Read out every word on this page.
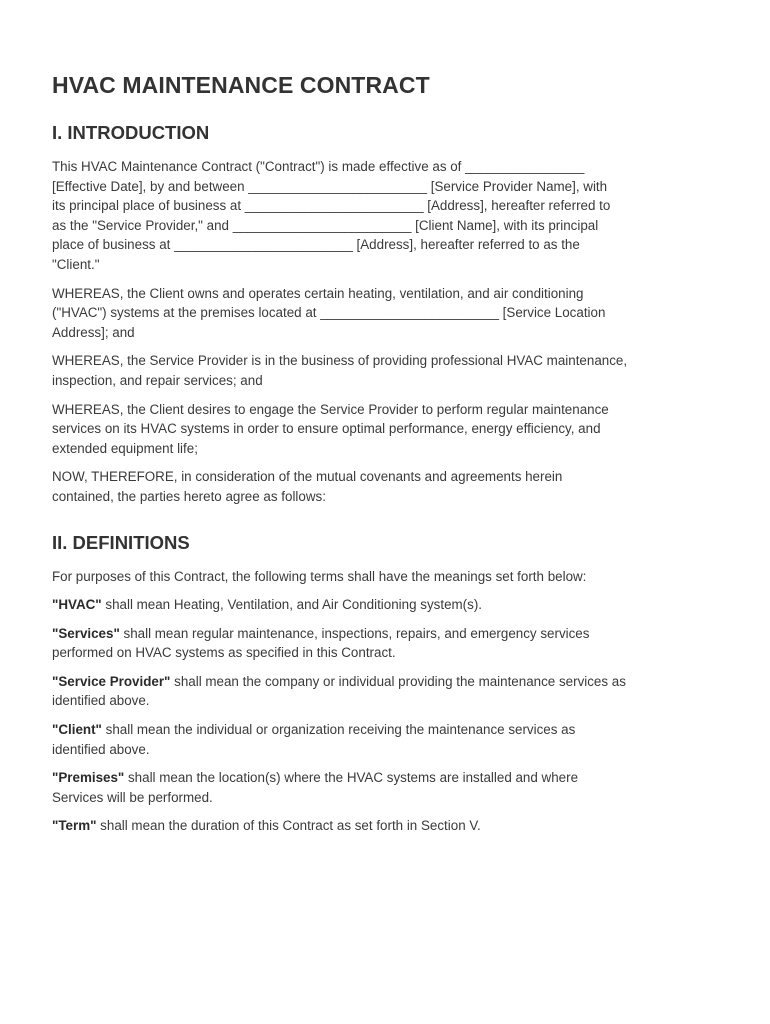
HVAC MAINTENANCE CONTRACT
I. INTRODUCTION

This HVAC Maintenance Contract ("Contract") is made effective as of ________________
[Effective Date], by and between ________________________ [Service Provider Name], with
its principal place of business at ________________________ [Address], hereafter referred to
as the "Service Provider," and ________________________ [Client Name], with its principal
place of business at ________________________ [Address], hereafter referred to as the
"Client."

WHEREAS, the Client owns and operates certain heating, ventilation, and air conditioning
("HVAC") systems at the premises located at ________________________ [Service Location
Address]; and

WHEREAS, the Service Provider is in the business of providing professional HVAC maintenance,
inspection, and repair services; and

WHEREAS, the Client desires to engage the Service Provider to perform regular maintenance
services on its HVAC systems in order to ensure optimal performance, energy efficiency, and
extended equipment life;

NOW, THEREFORE, in consideration of the mutual covenants and agreements herein
contained, the parties hereto agree as follows:

II. DEFINITIONS

For purposes of this Contract, the following terms shall have the meanings set forth below:

"HVAC" shall mean Heating, Ventilation, and Air Conditioning system(s).

"Services" shall mean regular maintenance, inspections, repairs, and emergency services
performed on HVAC systems as specified in this Contract.

"Service Provider" shall mean the company or individual providing the maintenance services as
identified above.

"Client" shall mean the individual or organization receiving the maintenance services as
identified above.

"Premises" shall mean the location(s) where the HVAC systems are installed and where
Services will be performed.

"Term" shall mean the duration of this Contract as set forth in Section V.
